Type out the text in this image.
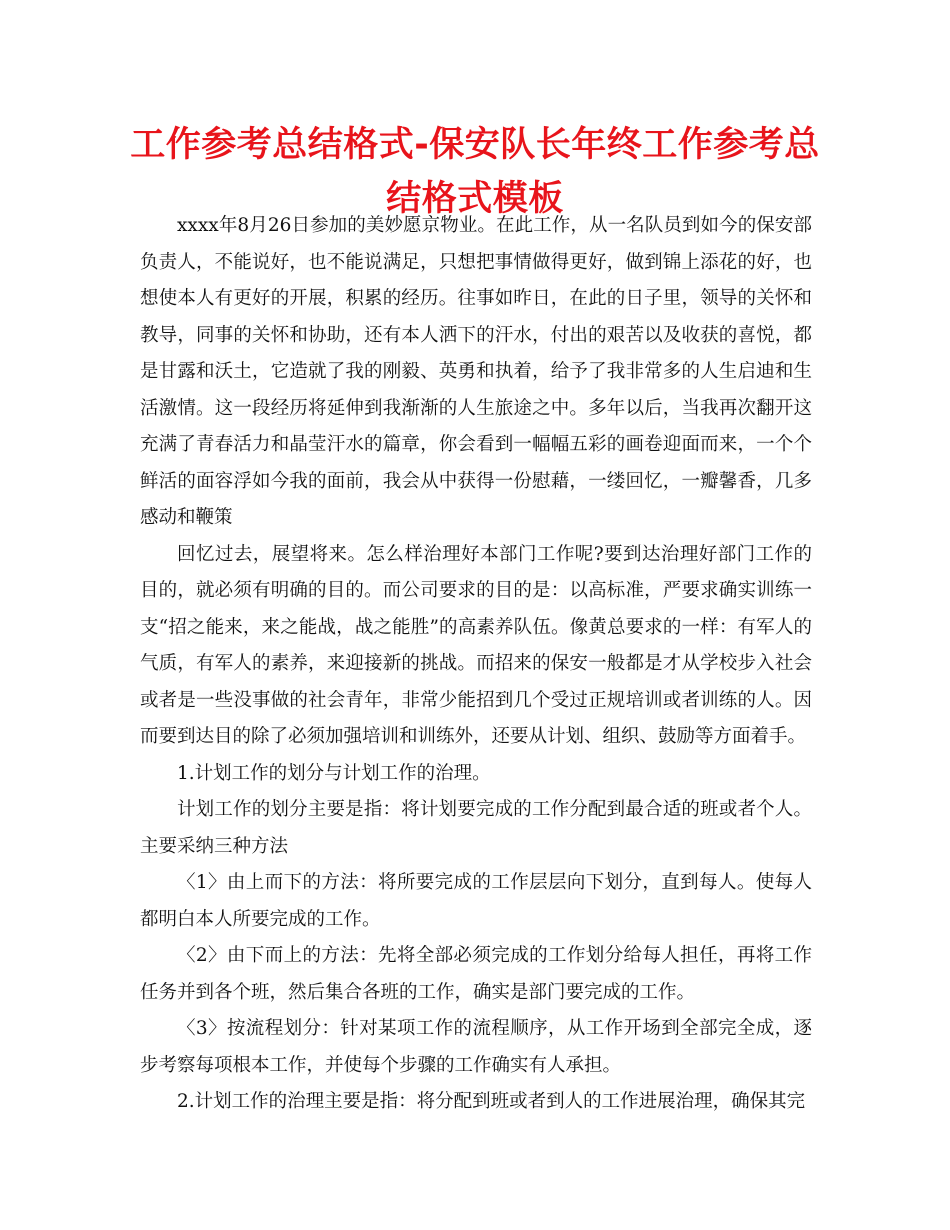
工作参考总结格式-保安队长年终工作参考总结格式模板

xxxx年8月26日参加的美妙愿京物业。在此工作，从一名队员到如今的保安部负责人，不能说好，也不能说满足，只想把事情做得更好，做到锦上添花的好，也想使本人有更好的开展，积累的经历。往事如昨日，在此的日子里，领导的关怀和教导，同事的关怀和协助，还有本人洒下的汗水，付出的艰苦以及收获的喜悦，都是甘露和沃土，它造就了我的刚毅、英勇和执着，给予了我非常多的人生启迪和生活激情。这一段经历将延伸到我渐渐的人生旅途之中。多年以后，当我再次翻开这充满了青春活力和晶莹汗水的篇章，你会看到一幅幅五彩的画卷迎面而来，一个个鲜活的面容浮如今我的面前，我会从中获得一份慰藉，一缕回忆，一瓣馨香，几多感动和鞭策

回忆过去，展望将来。怎么样治理好本部门工作呢?要到达治理好部门工作的目的，就必须有明确的目的。而公司要求的目的是：以高标准，严要求确实训练一支“招之能来，来之能战，战之能胜”的高素养队伍。像黄总要求的一样：有军人的气质，有军人的素养，来迎接新的挑战。而招来的保安一般都是才从学校步入社会或者是一些没事做的社会青年，非常少能招到几个受过正规培训或者训练的人。因而要到达目的除了必须加强培训和训练外，还要从计划、组织、鼓励等方面着手。

1.计划工作的划分与计划工作的治理。

计划工作的划分主要是指：将计划要完成的工作分配到最合适的班或者个人。主要采纳三种方法

〈1〉由上而下的方法：将所要完成的工作层层向下划分，直到每人。使每人都明白本人所要完成的工作。

〈2〉由下而上的方法：先将全部必须完成的工作划分给每人担任，再将工作任务并到各个班，然后集合各班的工作，确实是部门要完成的工作。

〈3〉按流程划分：针对某项工作的流程顺序，从工作开场到全部完全成，逐步考察每项根本工作，并使每个步骤的工作确实有人承担。

2.计划工作的治理主要是指：将分配到班或者到人的工作进展治理，确保其完
